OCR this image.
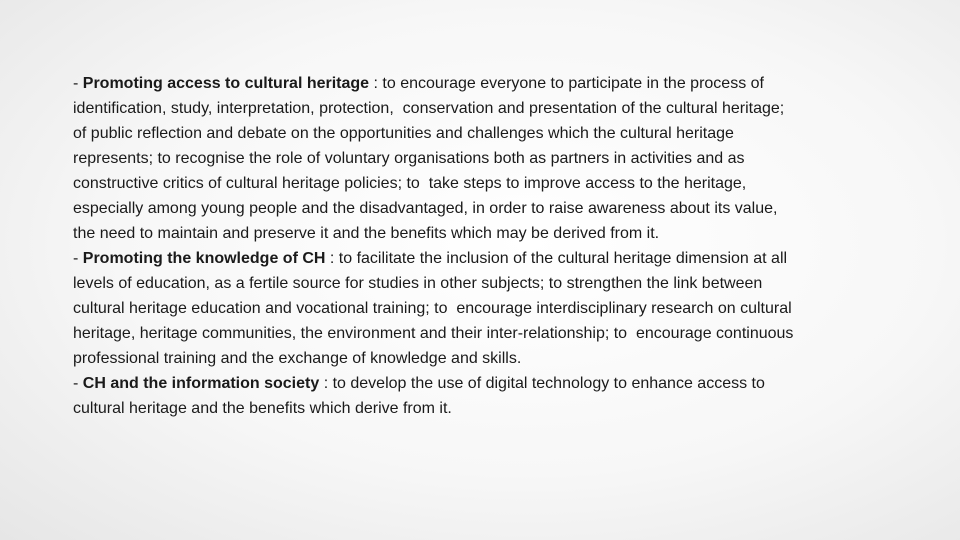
- Promoting access to cultural heritage : to encourage everyone to participate in the process of
identification, study, interpretation, protection,  conservation and presentation of the cultural heritage;
of public reflection and debate on the opportunities and challenges which the cultural heritage
represents; to recognise the role of voluntary organisations both as partners in activities and as
constructive critics of cultural heritage policies; to  take steps to improve access to the heritage,
especially among young people and the disadvantaged, in order to raise awareness about its value,
the need to maintain and preserve it and the benefits which may be derived from it.
- Promoting the knowledge of CH : to facilitate the inclusion of the cultural heritage dimension at all
levels of education, as a fertile source for studies in other subjects; to strengthen the link between
cultural heritage education and vocational training; to  encourage interdisciplinary research on cultural
heritage, heritage communities, the environment and their inter-relationship; to  encourage continuous
professional training and the exchange of knowledge and skills.
- CH and the information society : to develop the use of digital technology to enhance access to
cultural heritage and the benefits which derive from it.
